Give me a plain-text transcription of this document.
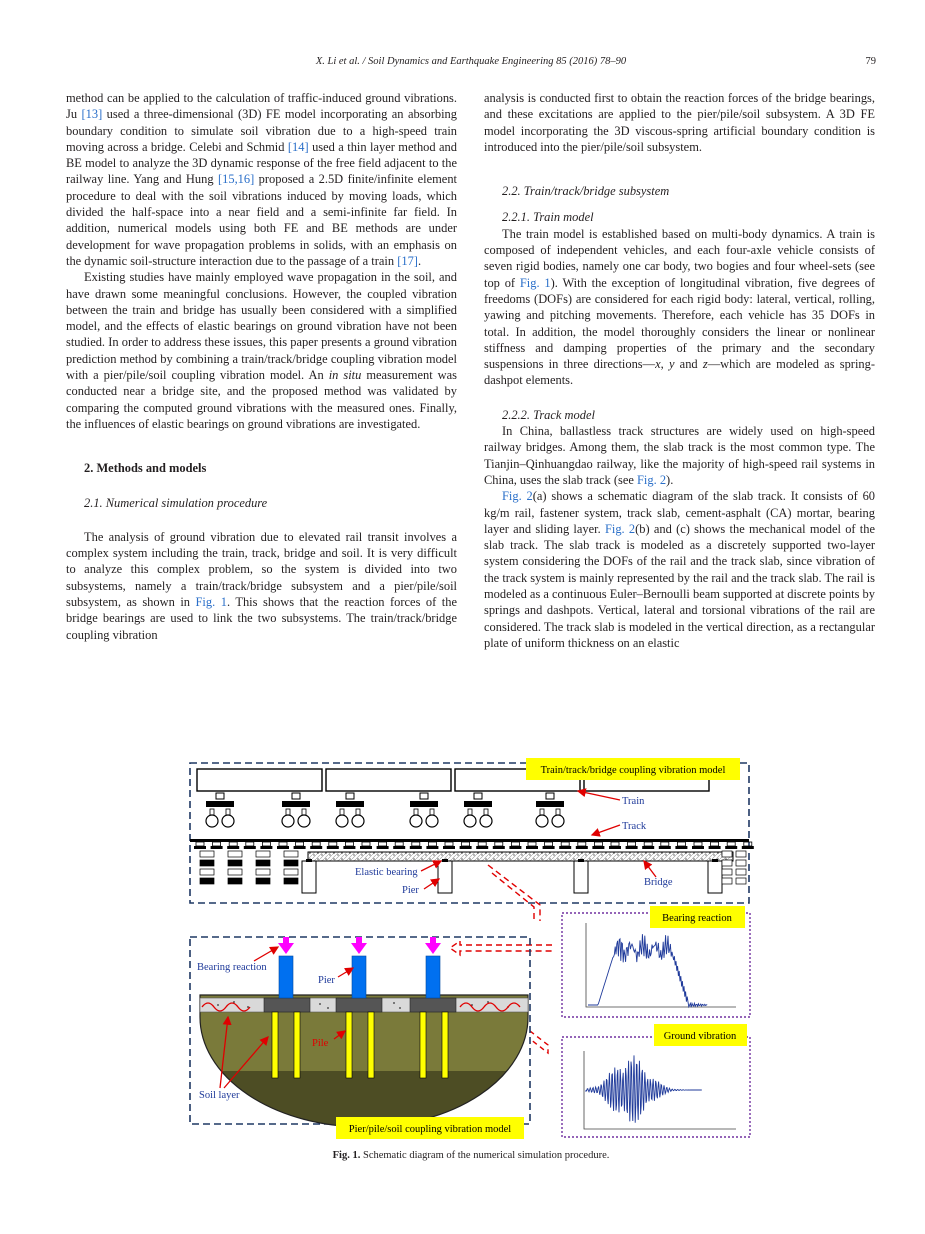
X. Li et al. / Soil Dynamics and Earthquake Engineering 85 (2016) 78–90	79

method can be applied to the calculation of traffic-induced ground vibrations. Ju [13] used a three-dimensional (3D) FE model incorporating an absorbing boundary condition to simulate soil vibration due to a high-speed train moving across a bridge. Celebi and Schmid [14] used a thin layer method and BE model to analyze the 3D dynamic response of the free field adjacent to the railway line. Yang and Hung [15,16] proposed a 2.5D finite/infinite element procedure to deal with the soil vibrations induced by moving loads, which divided the half-space into a near field and a semi-infinite far field. In addition, numerical models using both FE and BE methods are under development for wave propagation problems in solids, with an emphasis on the dynamic soil-structure interaction due to the passage of a train [17].

Existing studies have mainly employed wave propagation in the soil, and have drawn some meaningful conclusions. However, the coupled vibration between the train and bridge has usually been considered with a simplified model, and the effects of elastic bearings on ground vibration have not been studied. In order to address these issues, this paper presents a ground vibration prediction method by combining a train/track/bridge coupling vibration model with a pier/pile/soil coupling vibration model. An in situ measurement was conducted near a bridge site, and the proposed method was validated by comparing the computed ground vibrations with the measured ones. Finally, the influences of elastic bearings on ground vibrations are investigated.

2. Methods and models

2.1. Numerical simulation procedure

The analysis of ground vibration due to elevated rail transit involves a complex system including the train, track, bridge and soil. It is very difficult to analyze this complex problem, so the system is divided into two subsystems, namely a train/track/bridge subsystem and a pier/pile/soil subsystem, as shown in Fig. 1. This shows that the reaction forces of the bridge bearings are used to link the two subsystems. The train/track/bridge coupling vibration

analysis is conducted first to obtain the reaction forces of the bridge bearings, and these excitations are applied to the pier/pile/soil subsystem. A 3D FE model incorporating the 3D viscous-spring artificial boundary condition is introduced into the pier/pile/soil subsystem.

2.2. Train/track/bridge subsystem

2.2.1. Train model

The train model is established based on multi-body dynamics. A train is composed of independent vehicles, and each four-axle vehicle consists of seven rigid bodies, namely one car body, two bogies and four wheel-sets (see top of Fig. 1). With the exception of longitudinal vibration, five degrees of freedoms (DOFs) are considered for each rigid body: lateral, vertical, rolling, yawing and pitching movements. Therefore, each vehicle has 35 DOFs in total. In addition, the model thoroughly considers the linear or nonlinear stiffness and damping properties of the primary and the secondary suspensions in three directions—x, y and z—which are modeled as spring-dashpot elements.

2.2.2. Track model

In China, ballastless track structures are widely used on high-speed railway bridges. Among them, the slab track is the most common type. The Tianjin–Qinhuangdao railway, like the majority of high-speed rail systems in China, uses the slab track (see Fig. 2).

Fig. 2(a) shows a schematic diagram of the slab track. It consists of 60 kg/m rail, fastener system, track slab, cement-asphalt (CA) mortar, bearing layer and sliding layer. Fig. 2(b) and (c) shows the mechanical model of the slab track. The slab track is modeled as a discretely supported two-layer system considering the DOFs of the rail and the track slab, since vibration of the track system is mainly represented by the rail and the track slab. The rail is modeled as a continuous Euler–Bernoulli beam supported at discrete points by springs and dashpots. Vertical, lateral and torsional vibrations of the rail are considered. The track slab is modeled in the vertical direction, as a rectangular plate of uniform thickness on an elastic

Train/track/bridge coupling vibration model
Train
Track
Bridge
Elastic bearing
Pier
Bearing reaction
Ground vibration
Bearing reaction
Pier
Pile
Soil layer
Pier/pile/soil coupling vibration model
Fig. 1. Schematic diagram of the numerical simulation procedure.
